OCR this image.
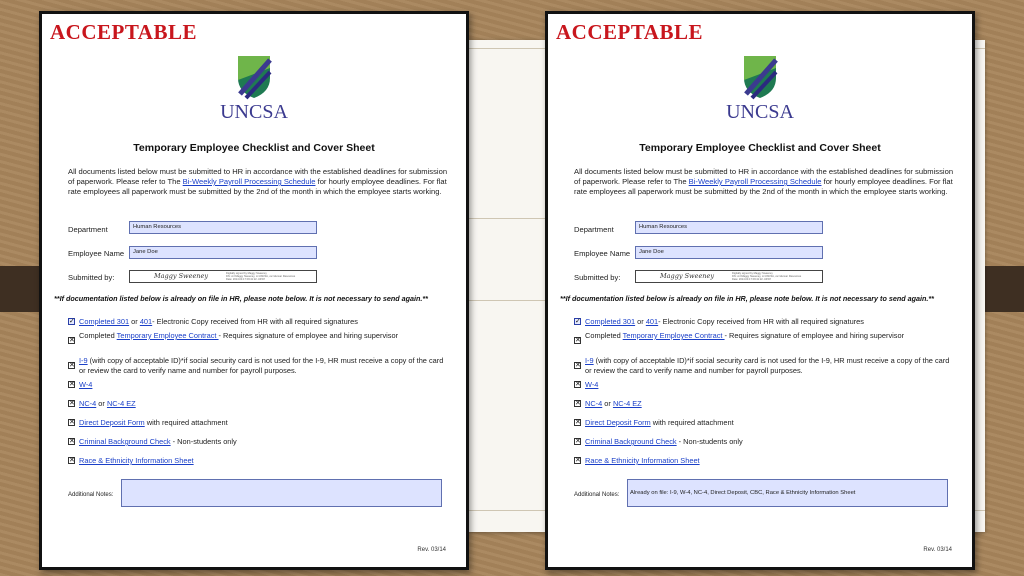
ACCEPTABLE
UNCSA
Temporary Employee Checklist and Cover Sheet
All documents listed below must be submitted to HR in accordance with the established deadlines for submission of paperwork. Please refer to The Bi-Weekly Payroll Processing Schedule for hourly employee deadlines. For flat rate employees all paperwork must be submitted by the 2nd of the month in which the employee starts working.
Department	Human Resources
Employee Name	Jane Doe
Submitted by:	Maggy Sweeney	Digitally signed by Maggy Sweeney
DN: cn=Maggy Sweeney, o=UNCSA, ou=Human Resources
Date: 2014.03.17 09:41:22 -04'00'
**If documentation listed below is already on file in HR, please note below. It is not necessary to send again.**
✓ Completed 301 or 401- Electronic Copy received from HR with all required signatures
✕
Completed Temporary Employee Contract - Requires signature of employee and hiring supervisor
✕
I-9 (with copy of acceptable ID)*if social security card is not used for the I-9, HR must receive a copy of the card or review the card to verify name and number for payroll purposes.
✕ W-4
✕ NC-4 or NC-4 EZ
✕ Direct Deposit Form with required attachment
✕ Criminal Background Check - Non-students only
✕ Race & Ethnicity Information Sheet
Additional Notes:
Rev. 03/14
ACCEPTABLE
UNCSA
Temporary Employee Checklist and Cover Sheet
All documents listed below must be submitted to HR in accordance with the established deadlines for submission of paperwork. Please refer to The Bi-Weekly Payroll Processing Schedule for hourly employee deadlines. For flat rate employees all paperwork must be submitted by the 2nd of the month in which the employee starts working.
Department	Human Resources
Employee Name	Jane Doe
Submitted by:	Maggy Sweeney	Digitally signed by Maggy Sweeney
DN: cn=Maggy Sweeney, o=UNCSA, ou=Human Resources
Date: 2014.03.17 09:41:22 -04'00'
**If documentation listed below is already on file in HR, please note below. It is not necessary to send again.**
✓ Completed 301 or 401- Electronic Copy received from HR with all required signatures
✕
Completed Temporary Employee Contract - Requires signature of employee and hiring supervisor
✕
I-9 (with copy of acceptable ID)*if social security card is not used for the I-9, HR must receive a copy of the card or review the card to verify name and number for payroll purposes.
✕ W-4
✕ NC-4 or NC-4 EZ
✕ Direct Deposit Form with required attachment
✕ Criminal Background Check - Non-students only
✕ Race & Ethnicity Information Sheet
Additional Notes:	Already on file: I-9, W-4, NC-4, Direct Deposit, CBC, Race & Ethnicity Information Sheet
Rev. 03/14
